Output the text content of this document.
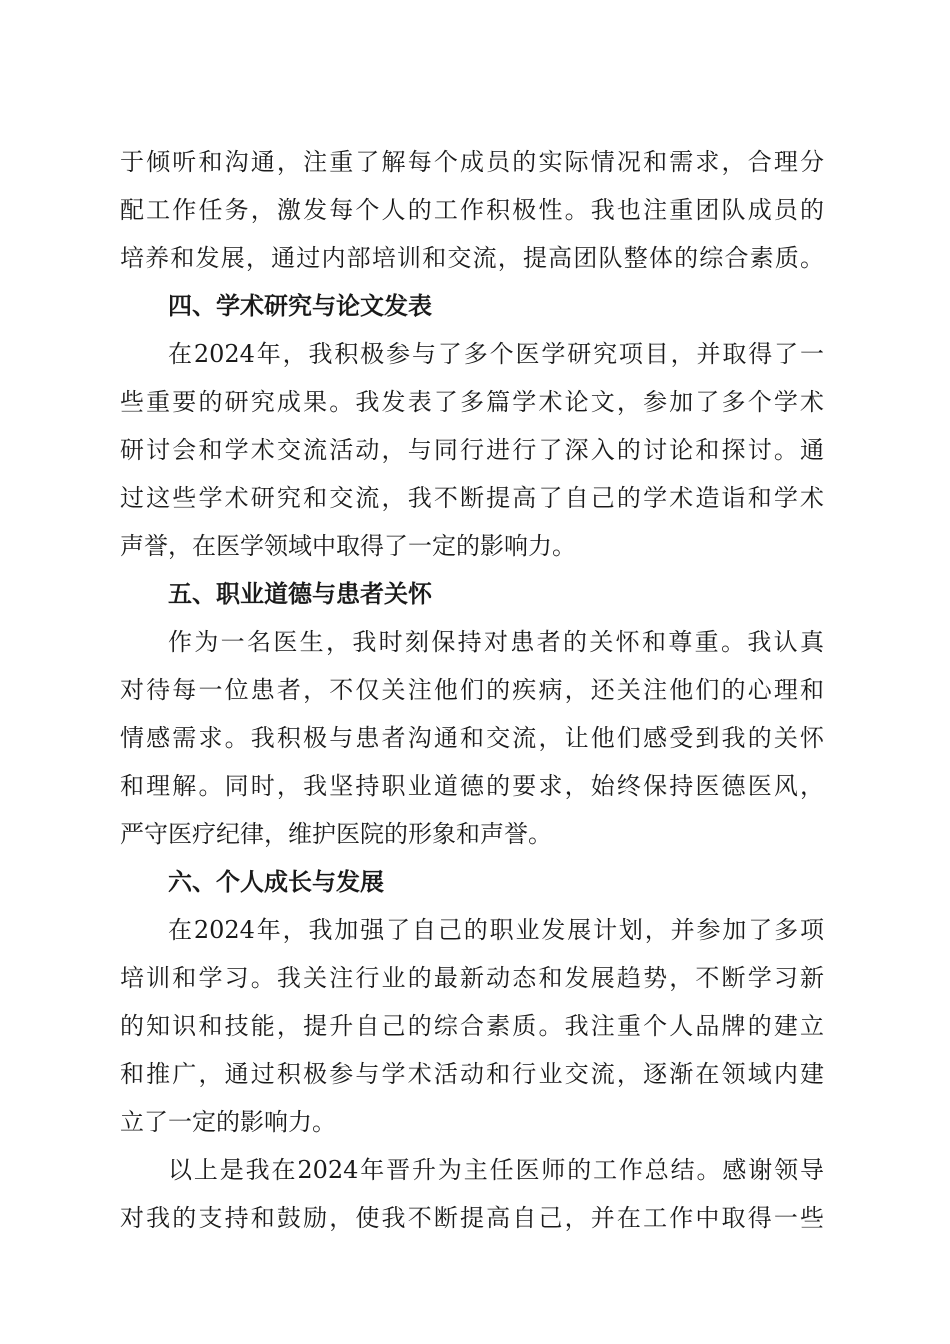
于倾听和沟通，注重了解每个成员的实际情况和需求，合理分
配工作任务，激发每个人的工作积极性。我也注重团队成员的
培养和发展，通过内部培训和交流，提高团队整体的综合素质。
四、学术研究与论文发表
在2024年，我积极参与了多个医学研究项目，并取得了一
些重要的研究成果。我发表了多篇学术论文，参加了多个学术
研讨会和学术交流活动，与同行进行了深入的讨论和探讨。通
过这些学术研究和交流，我不断提高了自己的学术造诣和学术
声誉，在医学领域中取得了一定的影响力。
五、职业道德与患者关怀
作为一名医生，我时刻保持对患者的关怀和尊重。我认真
对待每一位患者，不仅关注他们的疾病，还关注他们的心理和
情感需求。我积极与患者沟通和交流，让他们感受到我的关怀
和理解。同时，我坚持职业道德的要求，始终保持医德医风，
严守医疗纪律，维护医院的形象和声誉。
六、个人成长与发展
在2024年，我加强了自己的职业发展计划，并参加了多项
培训和学习。我关注行业的最新动态和发展趋势，不断学习新
的知识和技能，提升自己的综合素质。我注重个人品牌的建立
和推广，通过积极参与学术活动和行业交流，逐渐在领域内建
立了一定的影响力。
以上是我在2024年晋升为主任医师的工作总结。感谢领导
对我的支持和鼓励，使我不断提高自己，并在工作中取得一些
